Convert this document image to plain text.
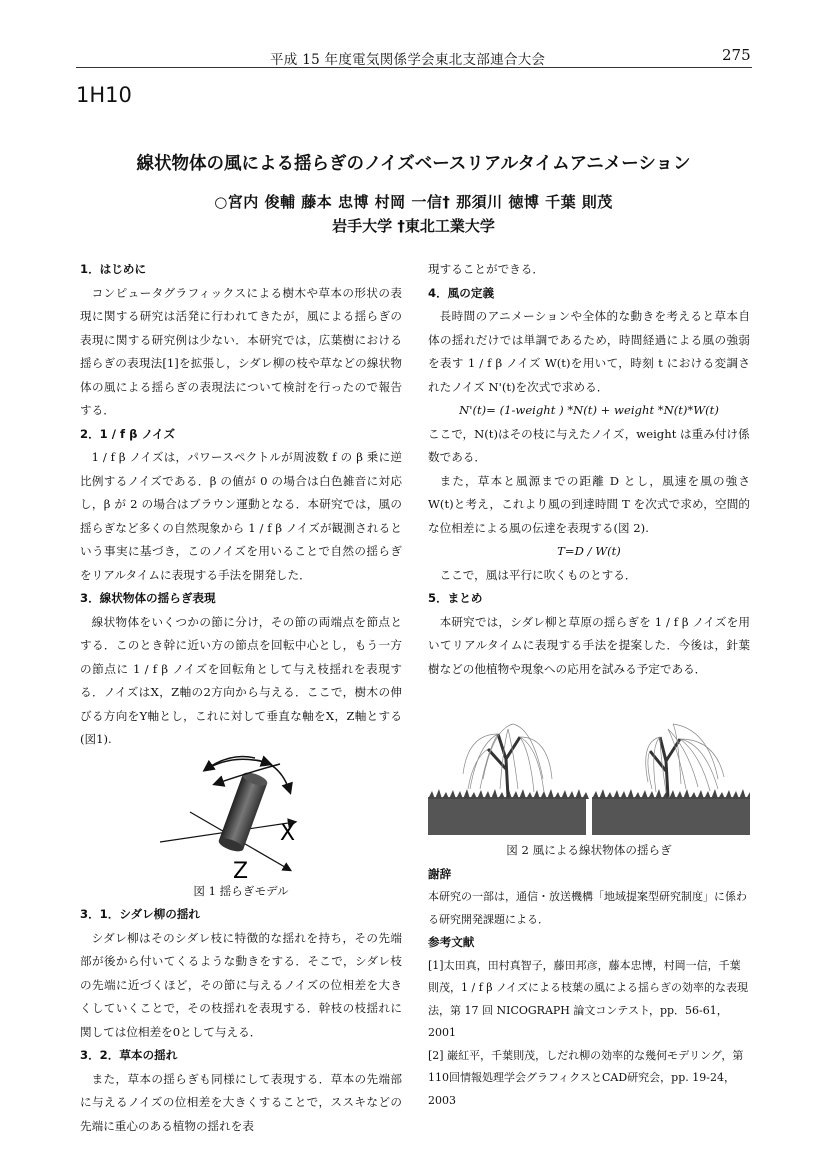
平成 15 年度電気関係学会東北支部連合大会	275
1H10
線状物体の風による揺らぎのノイズベースリアルタイムアニメーション
○宮内 俊輔 藤本 忠博 村岡 一信† 那須川 徳博 千葉 則茂
岩手大学 †東北工業大学
1．はじめに

コンピュータグラフィックスによる樹木や草本の形状の表現に関する研究は活発に行われてきたが，風による揺らぎの表現に関する研究例は少ない．本研究では，広葉樹における揺らぎの表現法[1]を拡張し，シダレ柳の枝や草などの線状物体の風による揺らぎの表現法について検討を行ったので報告する．

2．1 / f β ノイズ

1 / f β ノイズは，パワースペクトルが周波数 f の β 乗に逆比例するノイズである．β の値が 0 の場合は白色雑音に対応し，β が 2 の場合はブラウン運動となる．本研究では，風の揺らぎなど多くの自然現象から 1 / f β ノイズが観測されるという事実に基づき，このノイズを用いることで自然の揺らぎをリアルタイムに表現する手法を開発した．

3．線状物体の揺らぎ表現

線状物体をいくつかの節に分け，その節の両端点を節点とする．このとき幹に近い方の節点を回転中心とし，もう一方の節点に 1 / f β ノイズを回転角として与え枝揺れを表現する．ノイズはX，Z軸の2方向から与える．ここで，樹木の伸びる方向をY軸とし，これに対して垂直な軸をX，Z軸とする(図1).

X
Z

図 1 揺らぎモデル

3．1．シダレ柳の揺れ

シダレ柳はそのシダレ枝に特徴的な揺れを持ち，その先端部が後から付いてくるような動きをする．そこで，シダレ枝の先端に近づくほど，その節に与えるノイズの位相差を大きくしていくことで，その枝揺れを表現する．幹枝の枝揺れに関しては位相差を0として与える．

3．2．草本の揺れ

また，草本の揺らぎも同様にして表現する．草本の先端部に与えるノイズの位相差を大きくすることで，ススキなどの先端に重心のある植物の揺れを表

現することができる．

4．風の定義

長時間のアニメーションや全体的な動きを考えると草本自体の揺れだけでは単調であるため，時間経過による風の強弱を表す 1 / f β ノイズ W(t)を用いて，時刻 t における変調されたノイズ N'(t)を次式で求める．

N'(t)= (1-weight ) *N(t) + weight *N(t)*W(t)

ここで，N(t)はその枝に与えたノイズ，weight は重み付け係数である．

また，草本と風源までの距離 D とし，風速を風の強さ W(t)と考え，これより風の到達時間 T を次式で求め，空間的な位相差による風の伝達を表現する(図 2).

T=D / W(t)

ここで，風は平行に吹くものとする．

5．まとめ

本研究では，シダレ柳と草原の揺らぎを 1 / f β ノイズを用いてリアルタイムに表現する手法を提案した．今後は，針葉樹などの他植物や現象への応用を試みる予定である．

図 2 風による線状物体の揺らぎ

謝辞

本研究の一部は，通信・放送機構「地域提案型研究制度」に係わる研究開発課題による．

参考文献

[1]太田真，田村真智子，藤田邦彦，藤本忠博，村岡一信，千葉則茂，1 / f β ノイズによる枝葉の風による揺らぎの効率的な表現法，第 17 回 NICOGRAPH 論文コンテスト，pp．56-61，2001

[2] 巌紅平，千葉則茂，しだれ柳の効率的な幾何モデリング，第110回情報処理学会グラフィクスとCAD研究会，pp. 19-24，2003
